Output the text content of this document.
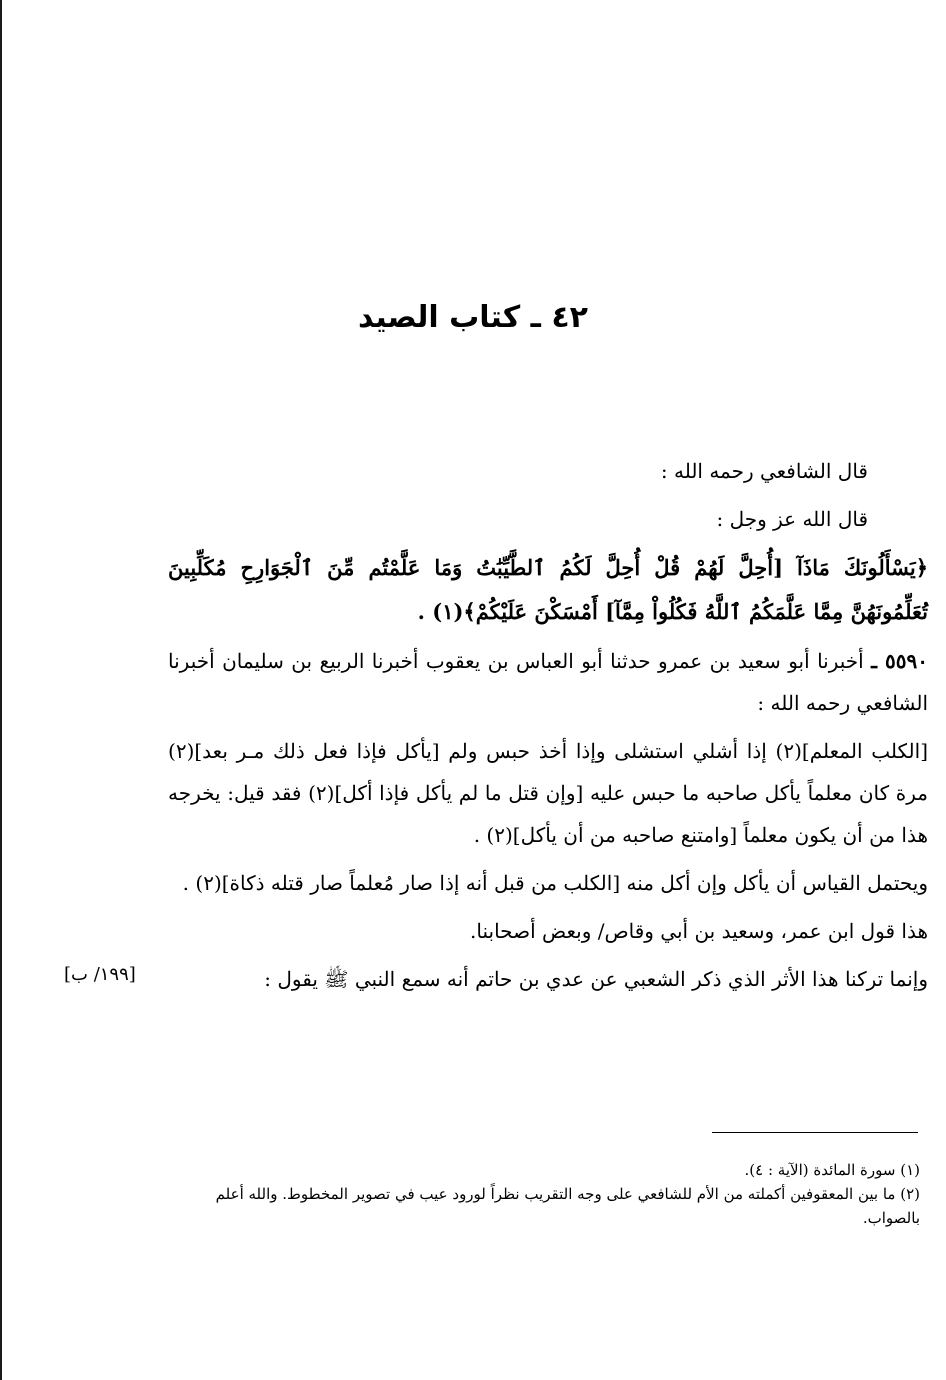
٤٢ ـ كتاب الصيد

قال الشافعي رحمه الله :

قال الله عز وجل :

﴿يَسْأَلُونَكَ مَاذَآ [أُحِلَّ لَهُمْ قُلْ أُحِلَّ لَكُمُ ٱلطَّيِّبَٰتُ وَمَا عَلَّمْتُم مِّنَ ٱلْجَوَارِحِ مُكَلِّبِينَ تُعَلِّمُونَهُنَّ مِمَّا عَلَّمَكُمُ ٱللَّهُ فَكُلُواْ مِمَّآ] أَمْسَكْنَ عَلَيْكُمْ﴾(١) .

٥٥٩٠ ـ أخبرنا أبو سعيد بن عمرو حدثنا أبو العباس بن يعقوب أخبرنا الربيع بن سليمان أخبرنا الشافعي رحمه الله :

[الكلب المعلم](٢) إذا أشلي استشلى وإذا أخذ حبس ولم [يأكل فإذا فعل ذلك مـر بعد](٢) مرة كان معلماً يأكل صاحبه ما حبس عليه [وإن قتل ما لم يأكل فإذا أكل](٢) فقد قيل: يخرجه هذا من أن يكون معلماً [وامتنع صاحبه من أن يأكل](٢) .

ويحتمل القياس أن يأكل وإن أكل منه [الكلب من قبل أنه إذا صار مُعلماً صار قتله ذكاة](٢) .

هذا قول ابن عمر، وسعيد بن أبي وقاص/ وبعض أصحابنا.

وإنما تركنا هذا الأثر الذي ذكر الشعبي عن عدي بن حاتم أنه سمع النبي ﷺ يقول :

[١٩٩/ ب]

(١) سورة المائدة (الآية : ٤).

(٢) ما بين المعقوفين أكملته من الأم للشافعي على وجه التقريب نظراً لورود عيب في تصوير المخطوط. والله أعلم بالصواب.
